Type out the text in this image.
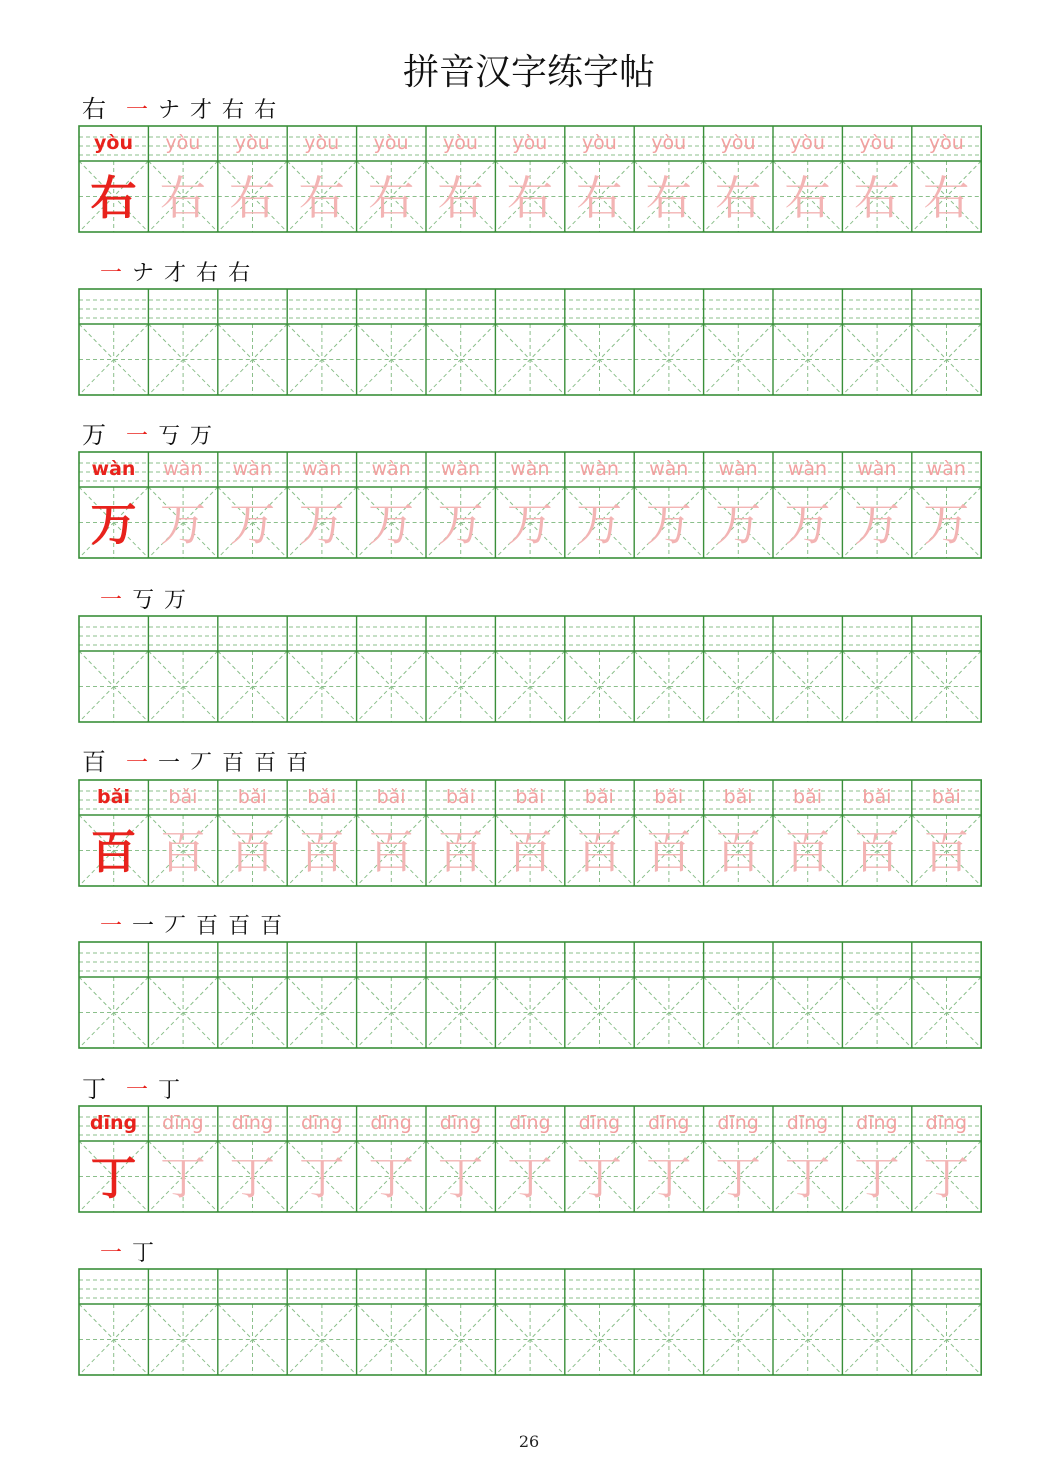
拼音汉字练字帖
右 一 ナ 才 右 右
yòu
右
yòu
右
yòu
右
yòu
右
yòu
右
yòu
右
yòu
右
yòu
右
yòu
右
yòu
右
yòu
右
yòu
右
yòu
右
一 ナ 才 右 右
万 一 丂 万
wàn
万
wàn
万
wàn
万
wàn
万
wàn
万
wàn
万
wàn
万
wàn
万
wàn
万
wàn
万
wàn
万
wàn
万
wàn
万
一 丂 万
百 一 一 丆 百 百 百
bǎi
百
bǎi
百
bǎi
百
bǎi
百
bǎi
百
bǎi
百
bǎi
百
bǎi
百
bǎi
百
bǎi
百
bǎi
百
bǎi
百
bǎi
百
一 一 丆 百 百 百
丁 一 丁
dīng
丁
dīng
丁
dīng
丁
dīng
丁
dīng
丁
dīng
丁
dīng
丁
dīng
丁
dīng
丁
dīng
丁
dīng
丁
dīng
丁
dīng
丁
一 丁
26
